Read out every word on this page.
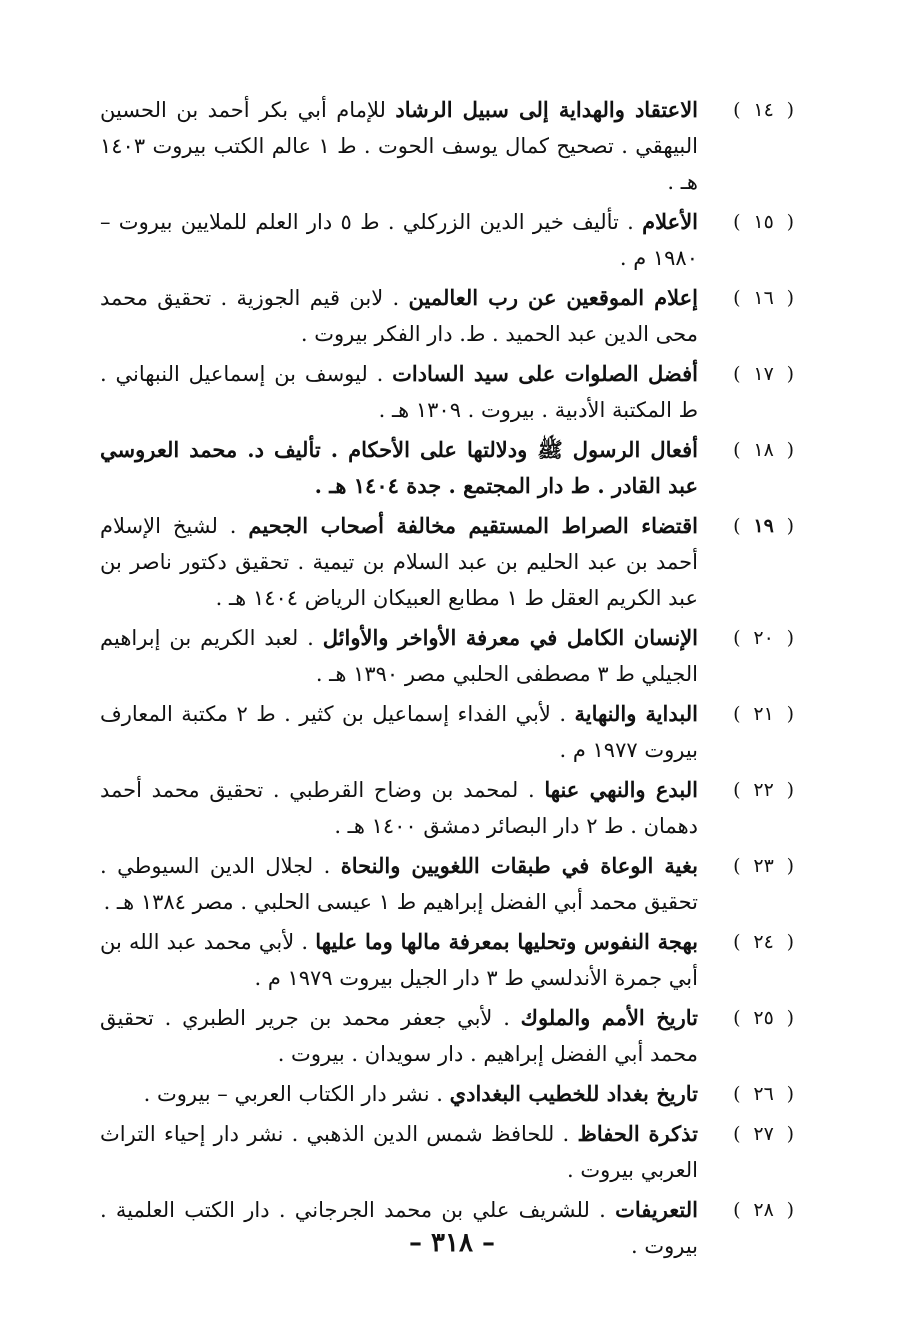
(١٤)
الاعتقاد والهداية إلى سبيل الرشاد للإمام أبي بكر أحمد بن الحسين البيهقي . تصحيح كمال يوسف الحوت . ط ١ عالم الكتب بيروت ١٤٠٣ هـ .
(١٥)
الأعلام . تأليف خير الدين الزركلي . ط ٥ دار العلم للملايين بيروت – ١٩٨٠ م .
(١٦)
إعلام الموقعين عن رب العالمين . لابن قيم الجوزية . تحقيق محمد محى الدين عبد الحميد . ط. دار الفكر بيروت .
(١٧)
أفضل الصلوات على سيد السادات . ليوسف بن إسماعيل النبهاني . ط المكتبة الأدبية . بيروت . ١٣٠٩ هـ .
(١٨)
أفعال الرسول ﷺ ودلالتها على الأحكام . تأليف د. محمد العروسي عبد القادر . ط دار المجتمع . جدة ١٤٠٤ هـ .
(١٩)
اقتضاء الصراط المستقيم مخالفة أصحاب الجحيم . لشيخ الإسلام أحمد بن عبد الحليم بن عبد السلام بن تيمية . تحقيق دكتور ناصر بن عبد الكريم العقل ط ١ مطابع العبيكان الرياض ١٤٠٤ هـ .
(٢٠)
الإنسان الكامل في معرفة الأواخر والأوائل . لعبد الكريم بن إبراهيم الجيلي ط ٣ مصطفى الحلبي مصر ١٣٩٠ هـ .
(٢١)
البداية والنهاية . لأبي الفداء إسماعيل بن كثير . ط ٢ مكتبة المعارف بيروت ١٩٧٧ م .
(٢٢)
البدع والنهي عنها . لمحمد بن وضاح القرطبي . تحقيق محمد أحمد دهمان . ط ٢ دار البصائر دمشق ١٤٠٠ هـ .
(٢٣)
بغية الوعاة في طبقات اللغويين والنحاة . لجلال الدين السيوطي . تحقيق محمد أبي الفضل إبراهيم ط ١ عيسى الحلبي . مصر ١٣٨٤ هـ .
(٢٤)
بهجة النفوس وتحليها بمعرفة مالها وما عليها . لأبي محمد عبد الله بن أبي جمرة الأندلسي ط ٣ دار الجيل بيروت ١٩٧٩ م .
(٢٥)
تاريخ الأمم والملوك . لأبي جعفر محمد بن جرير الطبري . تحقيق محمد أبي الفضل إبراهيم . دار سويدان . بيروت .
(٢٦)
تاريخ بغداد للخطيب البغدادي . نشر دار الكتاب العربي – بيروت .
(٢٧)
تذكرة الحفاظ . للحافظ شمس الدين الذهبي . نشر دار إحياء التراث العربي بيروت .
(٢٨)
التعريفات . للشريف علي بن محمد الجرجاني . دار الكتب العلمية . بيروت .
– ٣١٨ –
